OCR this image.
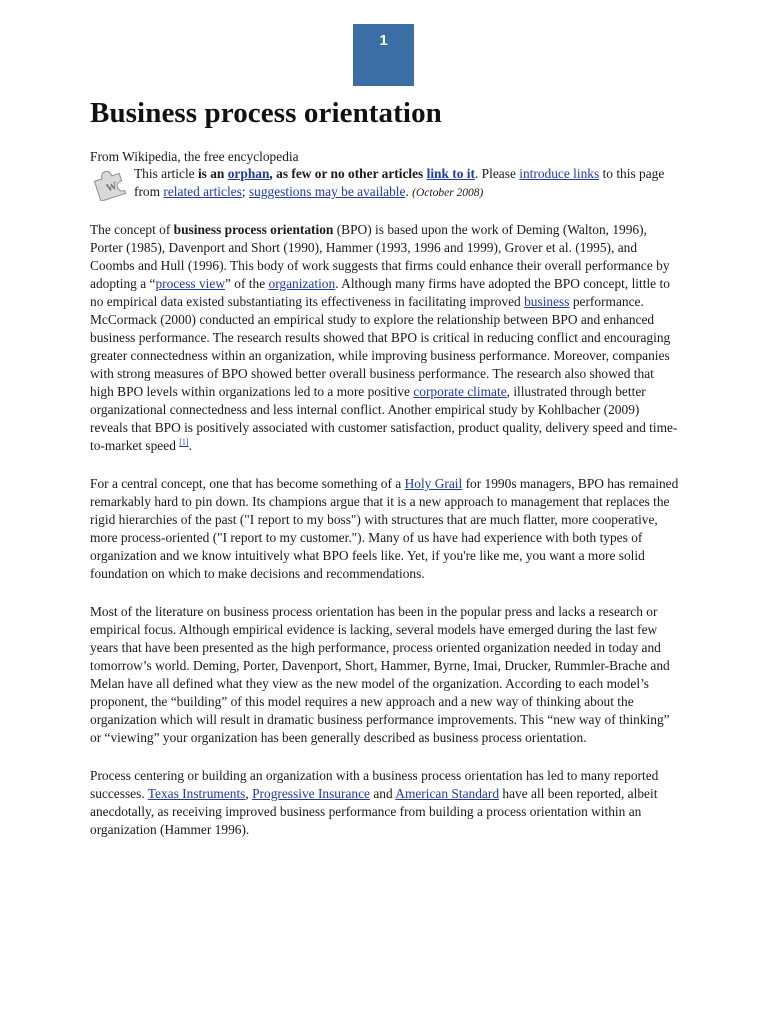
1
Business process orientation
From Wikipedia, the free encyclopedia
W
This article is an orphan, as few or no other articles link to it. Please introduce links to this page from related articles; suggestions may be available. (October 2008)

The concept of business process orientation (BPO) is based upon the work of Deming (Walton, 1996), Porter (1985), Davenport and Short (1990), Hammer (1993, 1996 and 1999), Grover et al. (1995), and Coombs and Hull (1996). This body of work suggests that firms could enhance their overall performance by adopting a “process view” of the organization. Although many firms have adopted the BPO concept, little to no empirical data existed substantiating its effectiveness in facilitating improved business performance. McCormack (2000) conducted an empirical study to explore the relationship between BPO and enhanced business performance. The research results showed that BPO is critical in reducing conflict and encouraging greater connectedness within an organization, while improving business performance. Moreover, companies with strong measures of BPO showed better overall business performance. The research also showed that high BPO levels within organizations led to a more positive corporate climate, illustrated through better organizational connectedness and less internal conflict. Another empirical study by Kohlbacher (2009) reveals that BPO is positively associated with customer satisfaction, product quality, delivery speed and time-to-market speed [1].

For a central concept, one that has become something of a Holy Grail for 1990s managers, BPO has remained remarkably hard to pin down. Its champions argue that it is a new approach to management that replaces the rigid hierarchies of the past ("I report to my boss") with structures that are much flatter, more cooperative, more process-oriented ("I report to my customer."). Many of us have had experience with both types of organization and we know intuitively what BPO feels like. Yet, if you're like me, you want a more solid foundation on which to make decisions and recommendations.

Most of the literature on business process orientation has been in the popular press and lacks a research or empirical focus. Although empirical evidence is lacking, several models have emerged during the last few years that have been presented as the high performance, process oriented organization needed in today and tomorrow’s world. Deming, Porter, Davenport, Short, Hammer, Byrne, Imai, Drucker, Rummler-Brache and Melan have all defined what they view as the new model of the organization. According to each model’s proponent, the “building” of this model requires a new approach and a new way of thinking about the organization which will result in dramatic business performance improvements. This “new way of thinking” or “viewing” your organization has been generally described as business process orientation.

Process centering or building an organization with a business process orientation has led to many reported successes. Texas Instruments, Progressive Insurance and American Standard have all been reported, albeit anecdotally, as receiving improved business performance from building a process orientation within an organization (Hammer 1996).
